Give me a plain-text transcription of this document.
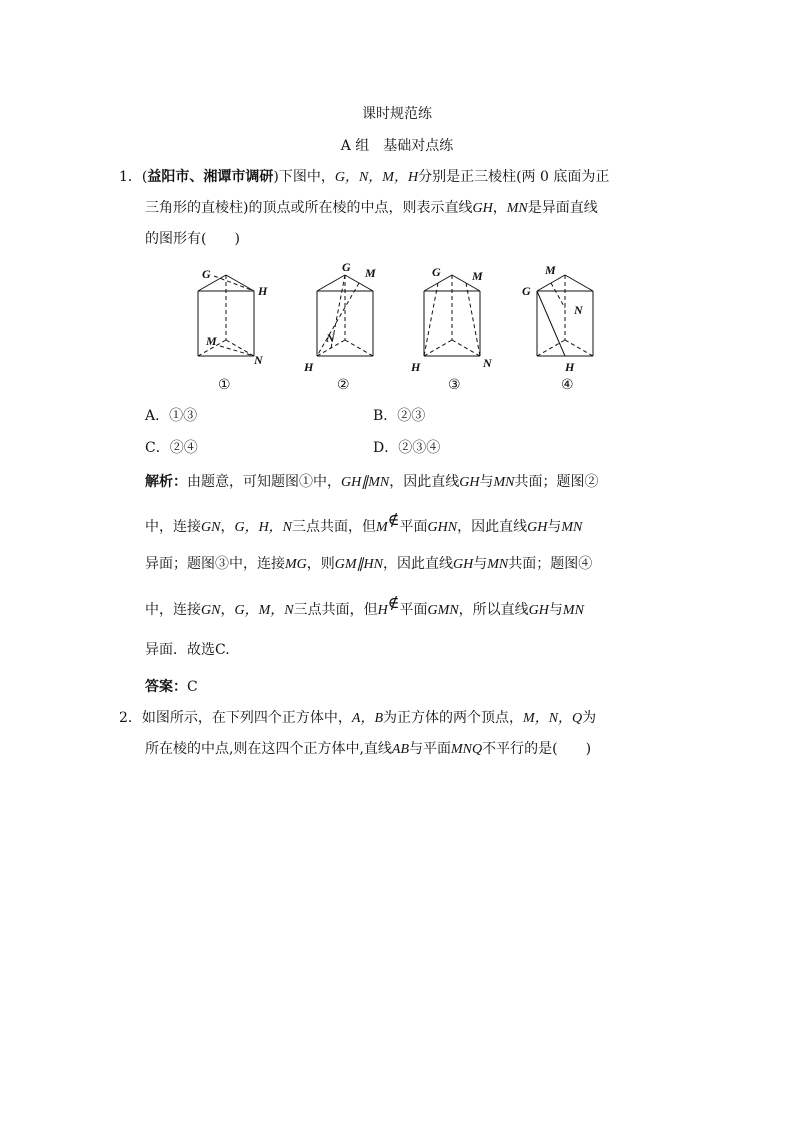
课时规范练
A 组　基础对点练
1．(益阳市、湘谭市调研)下图中，G，N，M，H分别是正三棱柱(两 0 底面为正
三角形的直棱柱)的顶点或所在棱的中点，则表示直线GH，MN是异面直线
的图形有(　　)
G
H
M
N
①
G M
N
H
②
G	M
H	N
③
M
G
N
H
④
A．①③	B．②③
C．②④	D．②③④
解析：由题意，可知题图①中，GH∥MN，因此直线GH与MN共面；题图②
中，连接GN，G，H，N三点共面，但M∉平面GHN，因此直线GH与MN
异面；题图③中，连接MG，则GM∥HN，因此直线GH与MN共面；题图④
中，连接GN，G，M，N三点共面，但H∉平面GMN，所以直线GH与MN
异面．故选C.
答案：C
2．如图所示，在下列四个正方体中，A，B为正方体的两个顶点，M，N，Q为
所在棱的中点,则在这四个正方体中,直线AB与平面MNQ不平行的是(　　)
